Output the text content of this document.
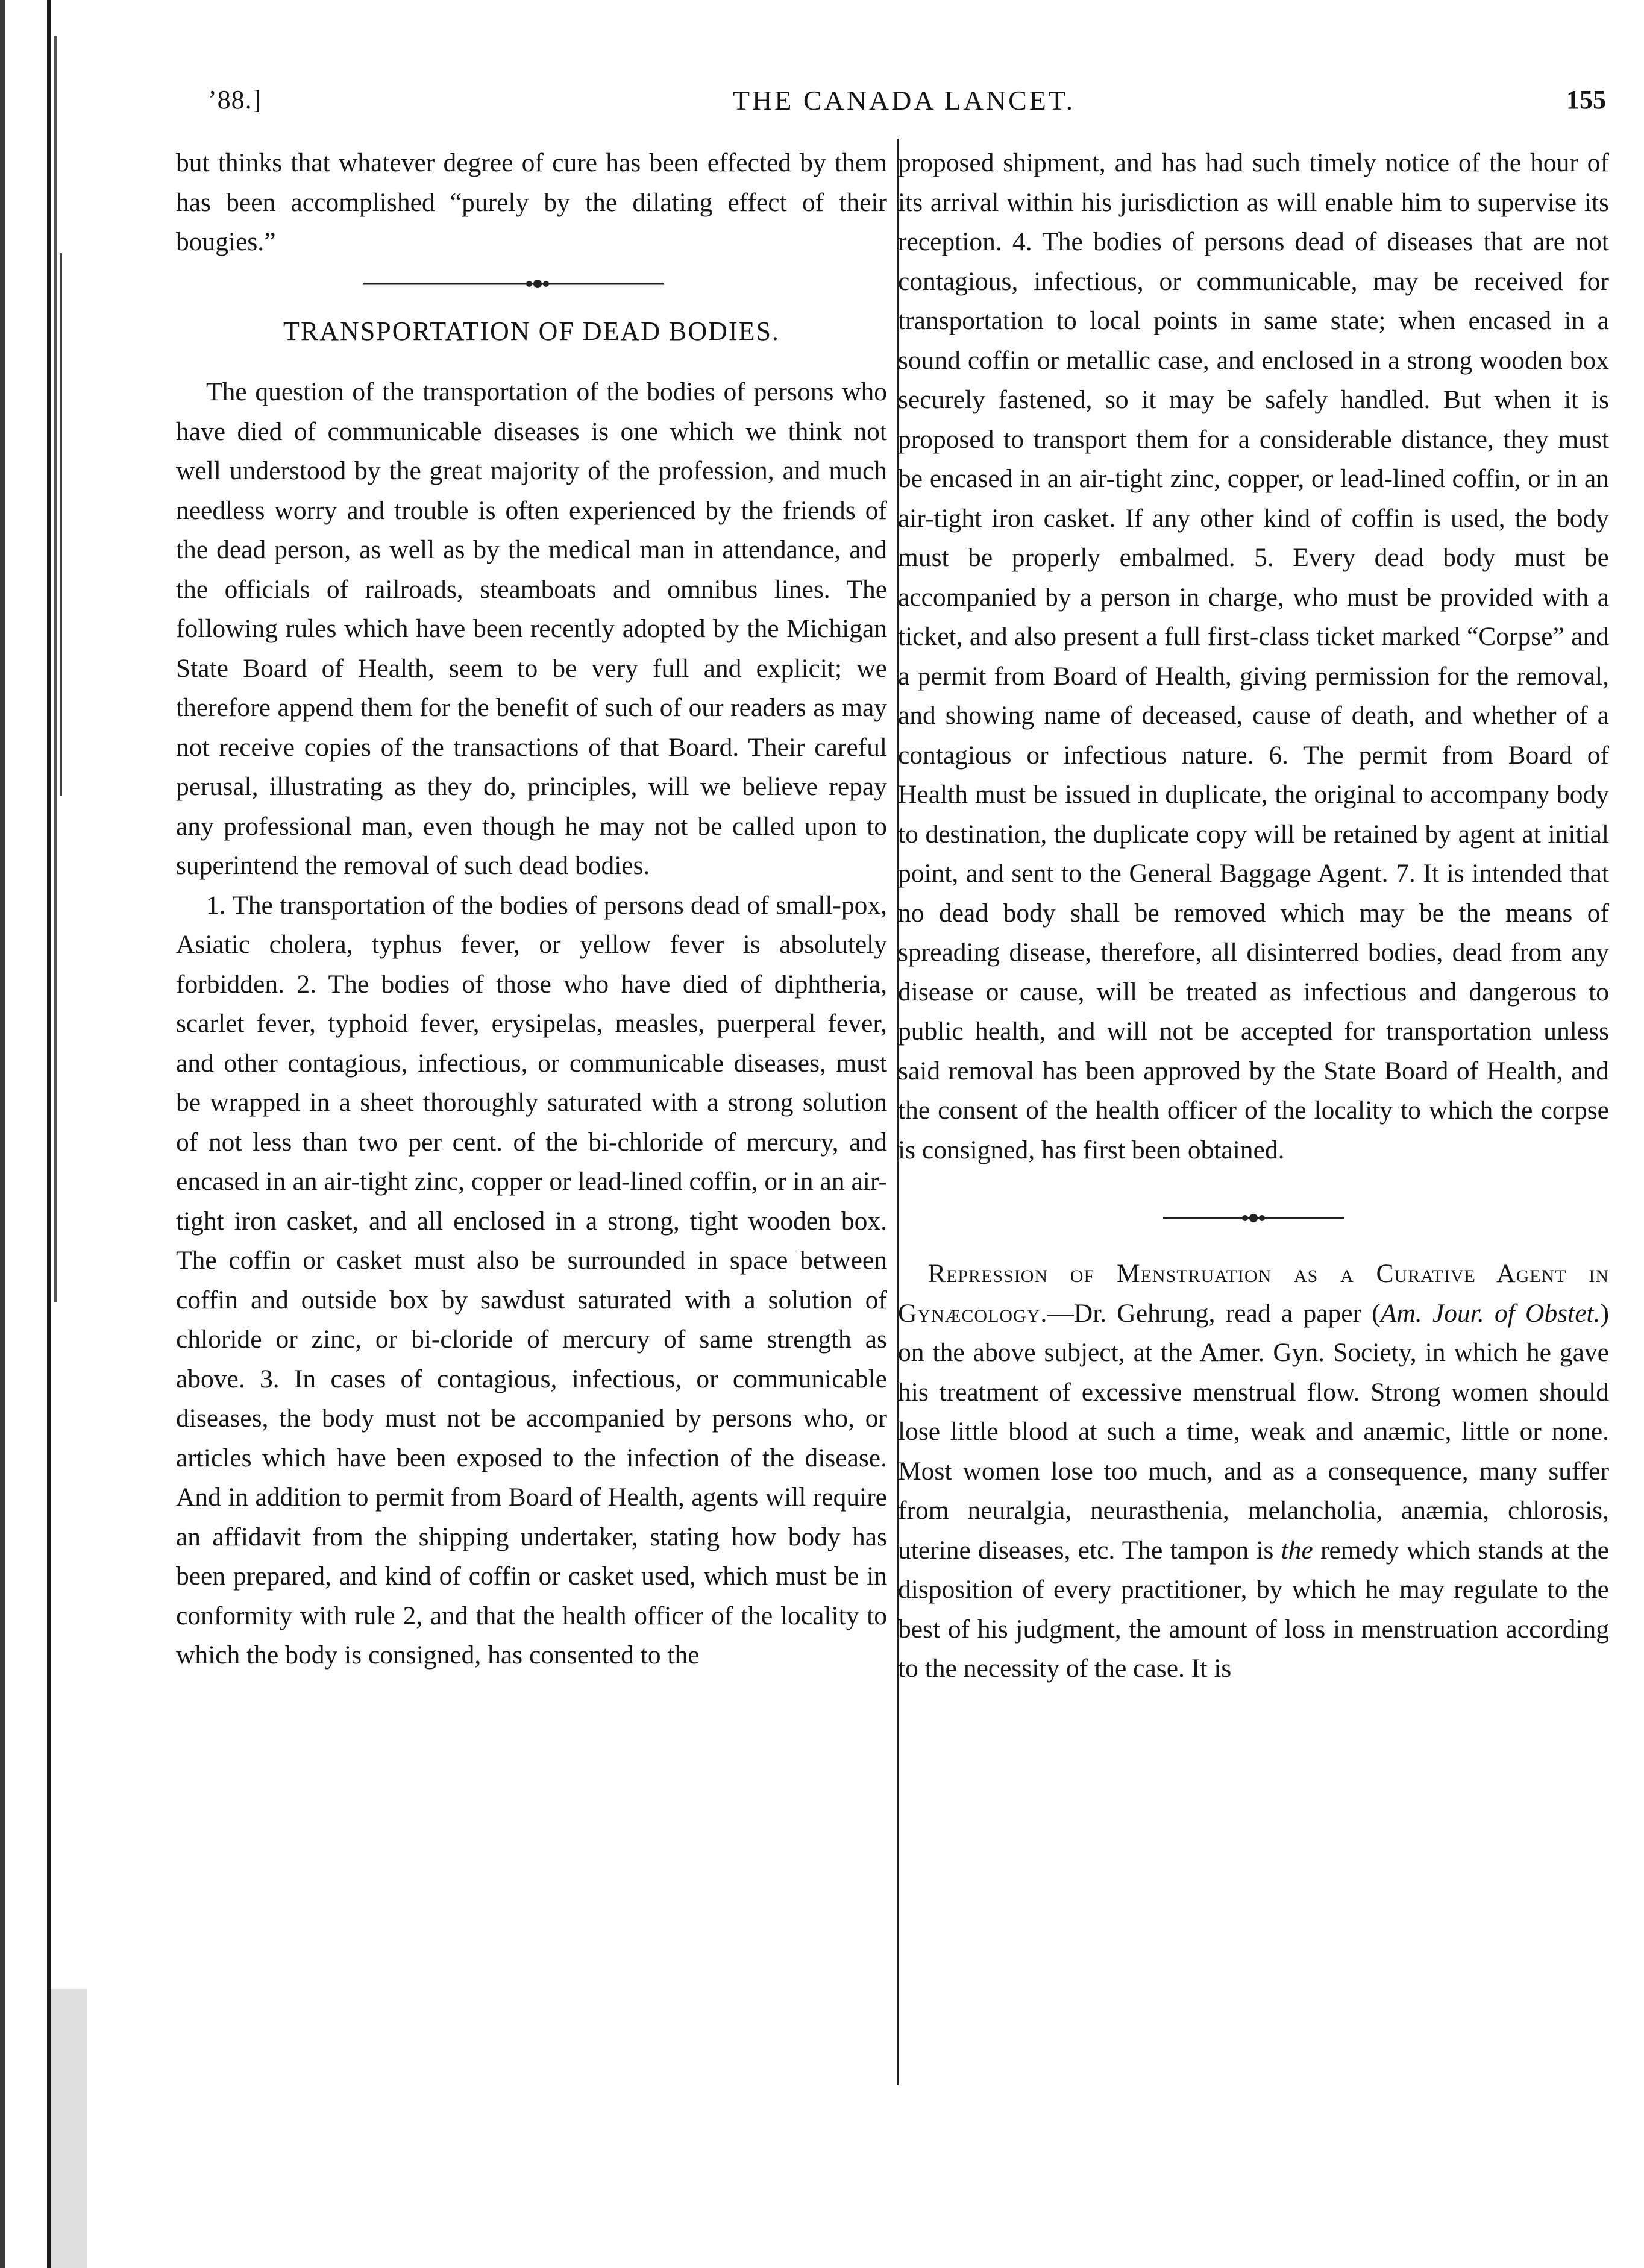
’88.]	THE CANADA LANCET.	155

but thinks that whatever degree of cure has been effected by them has been accomplished “purely by the dilating effect of their bougies.”

TRANSPORTATION OF DEAD BODIES.

The question of the transportation of the bodies of persons who have died of communicable diseases is one which we think not well understood by the great majority of the profession, and much needless worry and trouble is often experienced by the friends of the dead person, as well as by the medical man in attendance, and the officials of railroads, steamboats and omnibus lines. The following rules which have been recently adopted by the Michigan State Board of Health, seem to be very full and explicit; we therefore append them for the benefit of such of our readers as may not receive copies of the transactions of that Board. Their careful perusal, illustrating as they do, principles, will we believe repay any professional man, even though he may not be called upon to superintend the removal of such dead bodies.

1. The transportation of the bodies of persons dead of small-pox, Asiatic cholera, typhus fever, or yellow fever is absolutely forbidden. 2. The bodies of those who have died of diphtheria, scarlet fever, typhoid fever, erysipelas, measles, puerperal fever, and other contagious, infectious, or communicable diseases, must be wrapped in a sheet thoroughly saturated with a strong solution of not less than two per cent. of the bi-chloride of mercury, and encased in an air-tight zinc, copper or lead-lined coffin, or in an air-tight iron casket, and all enclosed in a strong, tight wooden box. The coffin or casket must also be surrounded in space between coffin and outside box by sawdust saturated with a solution of chloride or zinc, or bi-cloride of mercury of same strength as above. 3. In cases of contagious, infectious, or communicable diseases, the body must not be accompanied by persons who, or articles which have been exposed to the infection of the disease. And in addition to permit from Board of Health, agents will require an affidavit from the shipping undertaker, stating how body has been prepared, and kind of coffin or casket used, which must be in conformity with rule 2, and that the health officer of the locality to which the body is consigned, has consented to the

proposed shipment, and has had such timely notice of the hour of its arrival within his jurisdiction as will enable him to supervise its reception. 4. The bodies of persons dead of diseases that are not contagious, infectious, or communicable, may be received for transportation to local points in same state; when encased in a sound coffin or metallic case, and enclosed in a strong wooden box securely fastened, so it may be safely handled. But when it is proposed to transport them for a considerable distance, they must be encased in an air-tight zinc, copper, or lead-lined coffin, or in an air-tight iron casket. If any other kind of coffin is used, the body must be properly embalmed. 5. Every dead body must be accompanied by a person in charge, who must be provided with a ticket, and also present a full first-class ticket marked “Corpse” and a permit from Board of Health, giving permission for the removal, and showing name of deceased, cause of death, and whether of a contagious or infectious nature. 6. The permit from Board of Health must be issued in duplicate, the original to accompany body to destination, the duplicate copy will be retained by agent at initial point, and sent to the General Baggage Agent. 7. It is intended that no dead body shall be removed which may be the means of spreading disease, therefore, all disinterred bodies, dead from any disease or cause, will be treated as infectious and dangerous to public health, and will not be accepted for transportation unless said removal has been approved by the State Board of Health, and the consent of the health officer of the locality to which the corpse is consigned, has first been obtained.

Repression of Menstruation as a Curative Agent in Gynæcology.—Dr. Gehrung, read a paper (Am. Jour. of Obstet.) on the above subject, at the Amer. Gyn. Society, in which he gave his treatment of excessive menstrual flow. Strong women should lose little blood at such a time, weak and anæmic, little or none. Most women lose too much, and as a consequence, many suffer from neuralgia, neurasthenia, melancholia, anæmia, chlorosis, uterine diseases, etc. The tampon is the remedy which stands at the disposition of every practitioner, by which he may regulate to the best of his judgment, the amount of loss in menstruation according to the necessity of the case. It is
